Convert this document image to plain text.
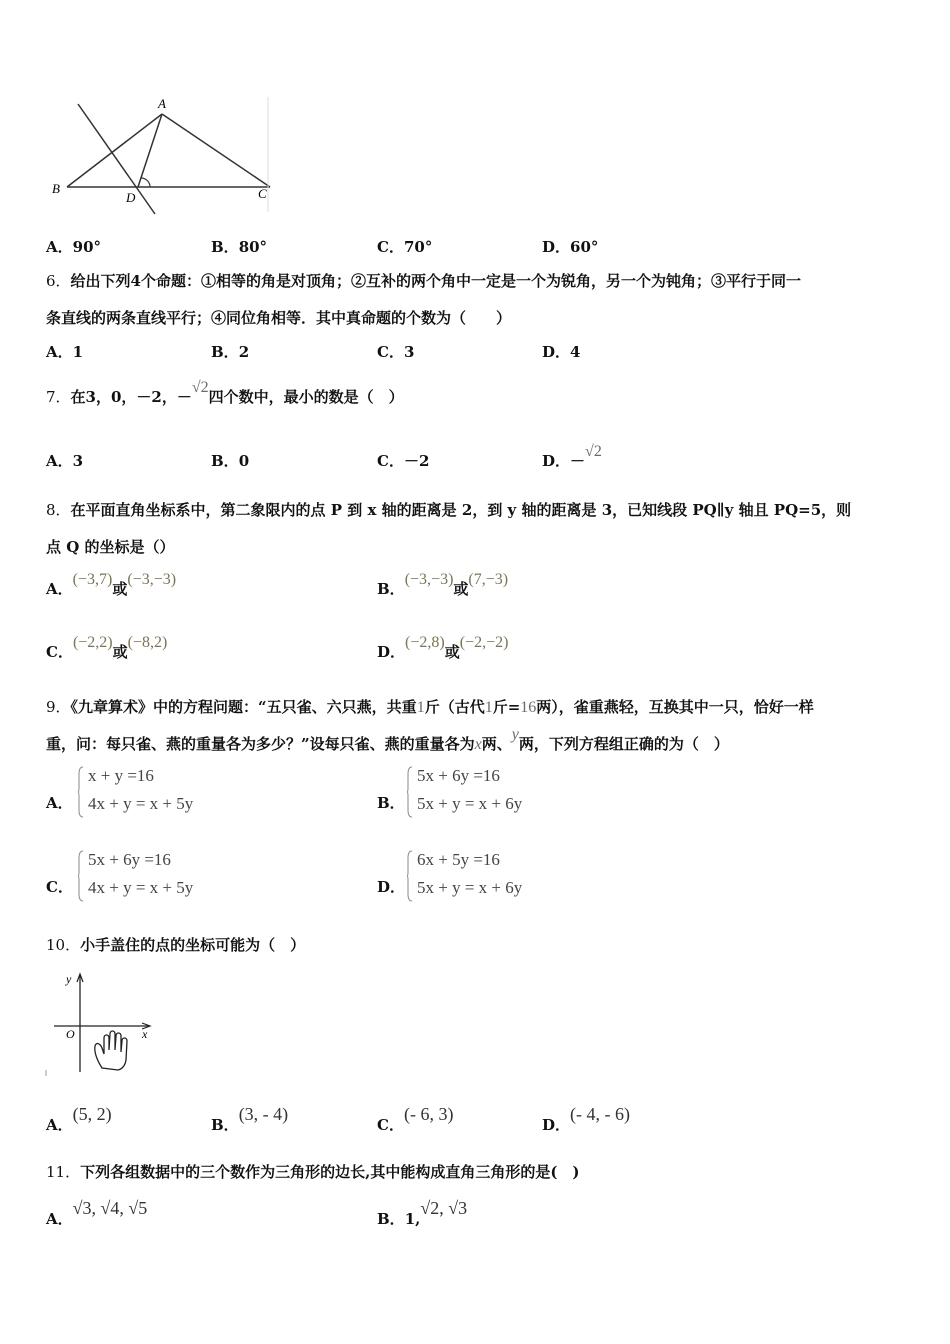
A
B	C
D
A．90°	B．80°	C．70°	D．60°
6．给出下列4个命题：①相等的角是对顶角；②互补的两个角中一定是一个为锐角，另一个为钝角；③平行于同一
条直线的两条直线平行；④同位角相等．其中真命题的个数为（　　）
A．1	B．2	C．3	D．4
7．在3，0，－2，－√2四个数中，最小的数是（　）
A．3	B．0	C．－2	D．－√2
8．在平面直角坐标系中，第二象限内的点 P 到 x 轴的距离是 2，到 y 轴的距离是 3，已知线段 PQ∥y 轴且 PQ=5，则
点 Q 的坐标是（）
A．(−3,7)或(−3,−3)
B．(−3,−3)或(7,−3)
C．(−2,2)或(−8,2)
D．(−2,8)或(−2,−2)
9．《九章算术》中的方程问题：“五只雀、六只燕，共重1斤（古代1斤=16两），雀重燕轻，互换其中一只，恰好一样
重，问：每只雀、燕的重量各为多少？”设每只雀、燕的重量各为x两、y两，下列方程组正确的为（　）
A．
x + y =16
4x + y = x + 5y	B．
5x + 6y =16
5x + y = x + 6y
C．
5x + 6y =16
4x + y = x + 5y	D．
6x + 5y =16
5x + y = x + 6y
10．小手盖住的点的坐标可能为（　）
y
O	x
A．(5, 2)
B．(3, - 4)
C．(- 6, 3)
D．(- 4, - 6)
11．下列各组数据中的三个数作为三角形的边长,其中能构成直角三角形的是(　)
A．√3, √4, √5
B．1,√2, √3
